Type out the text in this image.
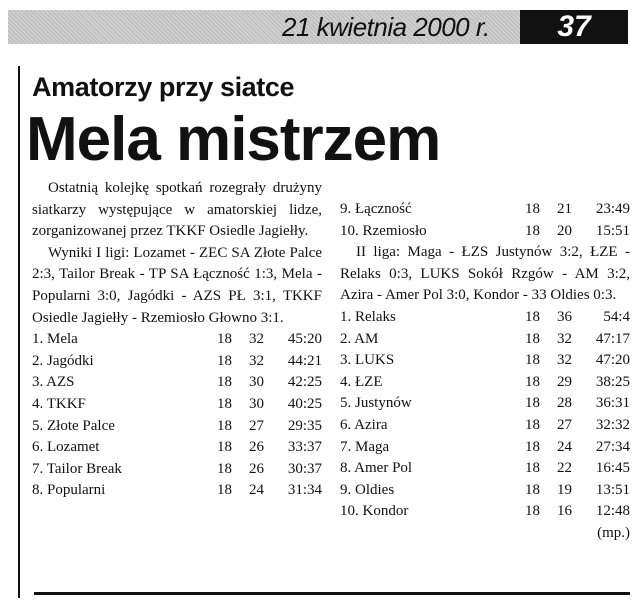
21 kwietnia 2000 r.	37
Amatorzy przy siatce
Mela mistrzem

Ostatnią kolejkę spotkań rozegrały drużyny siatkarzy występujące w amatorskiej lidze, zorganizowanej przez TKKF Osiedle Jagiełły.

Wyniki I ligi: Lozamet - ZEC SA Złote Palce 2:3, Tailor Break - TP SA Łączność 1:3, Mela - Popularni 3:0, Jagódki - AZS PŁ 3:1, TKKF Osiedle Jagiełły - Rzemiosło Głowno 3:1.

1. Mela	18	32	45:20
2. Jagódki	18	32	44:21
3. AZS	18	30	42:25
4. TKKF	18	30	40:25
5. Złote Palce	18	27	29:35
6. Lozamet	18	26	33:37
7. Tailor Break	18	26	30:37
8. Popularni	18	24	31:34
9. Łączność	18	21	23:49
10. Rzemiosło	18	20	15:51

II liga: Maga - ŁZS Justynów 3:2, ŁZE - Relaks 0:3, LUKS Sokół Rzgów - AM 3:2, Azira - Amer Pol 3:0, Kondor - 33 Oldies 0:3.

1. Relaks	18	36	54:4
2. AM	18	32	47:17
3. LUKS	18	32	47:20
4. ŁZE	18	29	38:25
5. Justynów	18	28	36:31
6. Azira	18	27	32:32
7. Maga	18	24	27:34
8. Amer Pol	18	22	16:45
9. Oldies	18	19	13:51
10. Kondor	18	16	12:48
(mp.)
